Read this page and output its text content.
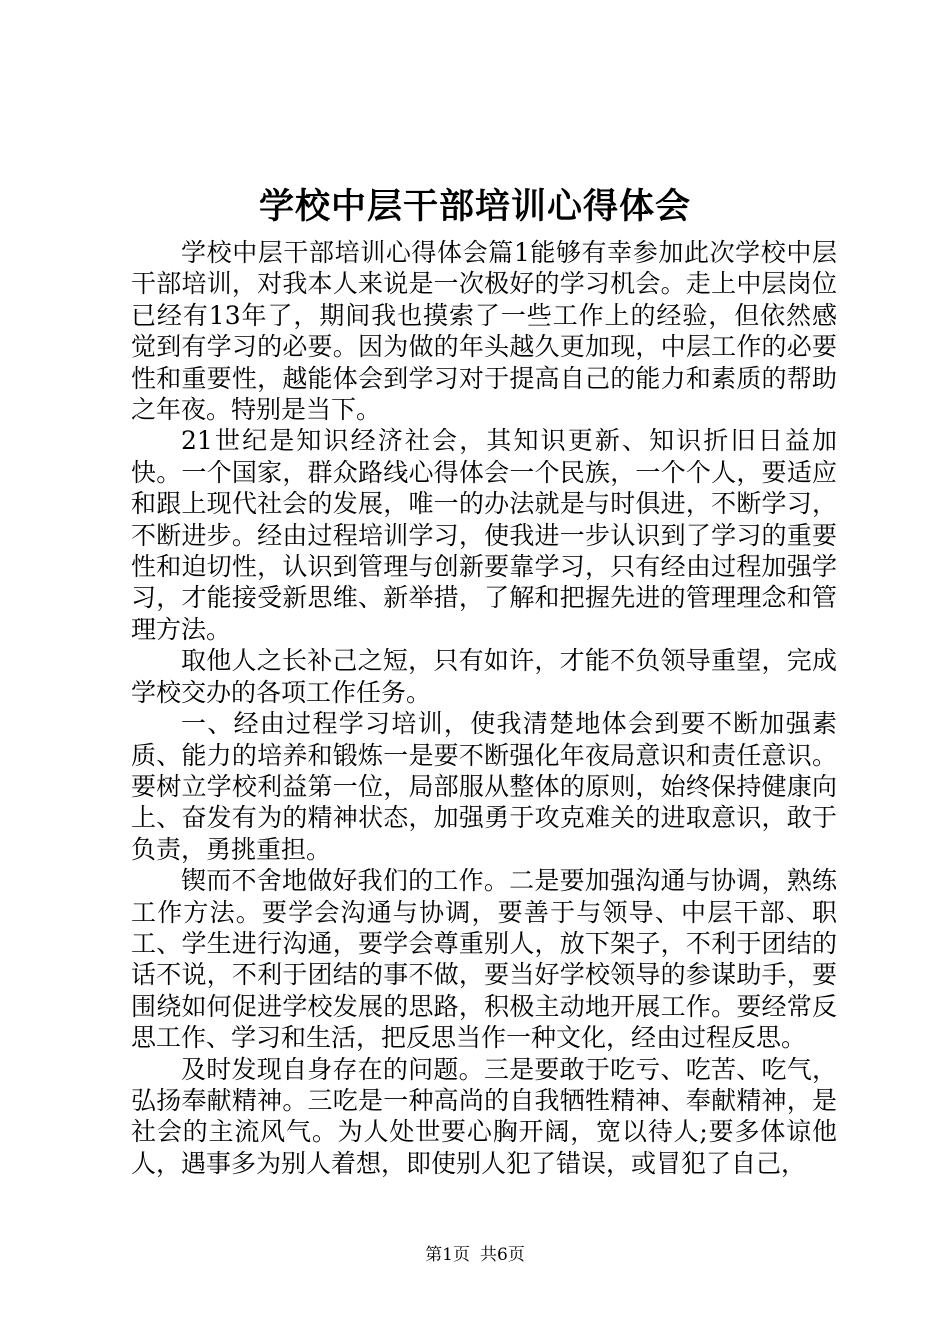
学校中层干部培训心得体会

学校中层干部培训心得体会篇1能够有幸参加此次学校中层干部培训，对我本人来说是一次极好的学习机会。走上中层岗位已经有13年了，期间我也摸索了一些工作上的经验，但依然感觉到有学习的必要。因为做的年头越久更加现，中层工作的必要性和重要性，越能体会到学习对于提高自己的能力和素质的帮助之年夜。特别是当下。

21世纪是知识经济社会，其知识更新、知识折旧日益加快。一个国家，群众路线心得体会一个民族，一个个人，要适应和跟上现代社会的发展，唯一的办法就是与时俱进，不断学习，不断进步。经由过程培训学习，使我进一步认识到了学习的重要性和迫切性，认识到管理与创新要靠学习，只有经由过程加强学习，才能接受新思维、新举措，了解和把握先进的管理理念和管理方法。

取他人之长补己之短，只有如许，才能不负领导重望，完成学校交办的各项工作任务。

一、经由过程学习培训，使我清楚地体会到要不断加强素质、能力的培养和锻炼一是要不断强化年夜局意识和责任意识。要树立学校利益第一位，局部服从整体的原则，始终保持健康向上、奋发有为的精神状态，加强勇于攻克难关的进取意识，敢于负责，勇挑重担。

锲而不舍地做好我们的工作。二是要加强沟通与协调，熟练工作方法。要学会沟通与协调，要善于与领导、中层干部、职工、学生进行沟通，要学会尊重别人，放下架子，不利于团结的话不说，不利于团结的事不做，要当好学校领导的参谋助手，要围绕如何促进学校发展的思路，积极主动地开展工作。要经常反思工作、学习和生活，把反思当作一种文化，经由过程反思。

及时发现自身存在的问题。三是要敢于吃亏、吃苦、吃气，弘扬奉献精神。三吃是一种高尚的自我牺牲精神、奉献精神，是社会的主流风气。为人处世要心胸开阔，宽以待人;要多体谅他人，遇事多为别人着想，即使别人犯了错误，或冒犯了自己，

第1页 共6页
